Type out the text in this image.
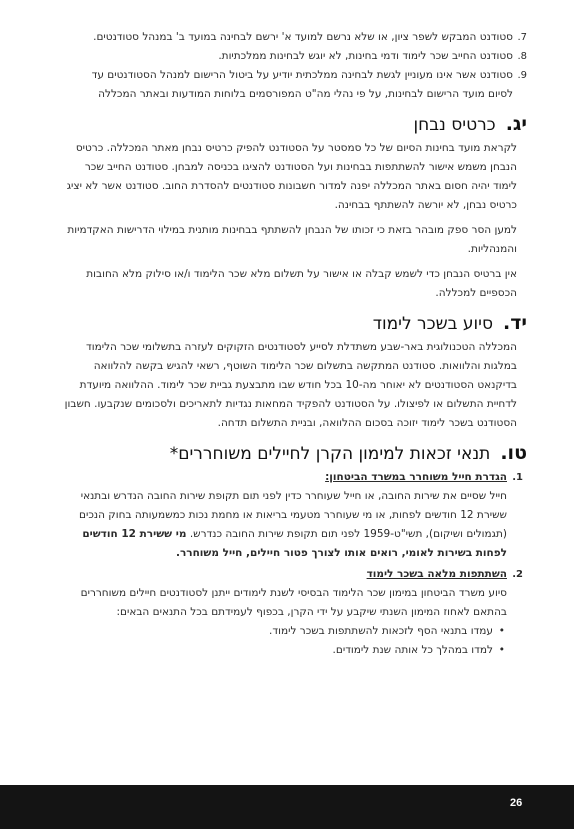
7.
סטודנט המבקש לשפר ציון, או שלא נרשם למועד א' ירשם לבחינה במועד ב' במנהל סטודנטים.
8.
סטודנט החייב שכר לימוד ודמי בחינות, לא יוגש לבחינות ממלכתיות.
9.
סטודנט אשר אינו מעוניין לגשת לבחינה ממלכתית יודיע על ביטול הרישום למנהל הסטודנטים עד לסיום מועד הרישום לבחינות, על פי נהלי מה"ט המפורסמים בלוחות המודעות ובאתר המכללה
יג.
כרטיס נבחן

לקראת מועד בחינות הסיום של כל סמסטר על הסטודנט להפיק כרטיס נבחן מאתר המכללה. כרטיס הנבחן משמש אישור להשתתפות בבחינות ועל הסטודנט להציגו בכניסה למבחן. סטודנט החייב שכר לימוד יהיה חסום באתר המכללה יפנה למדור חשבונות סטודנטים להסדרת החוב. סטודנט אשר לא יציג כרטיס נבחן, לא יורשה להשתתף בבחינה.

למען הסר ספק מובהר בזאת כי זכותו של הנבחן להשתתף בבחינות מותנית במילוי הדרישות האקדמיות והמנהליות.

אין ברטיס הנבחן כדי לשמש קבלה או אישור על תשלום מלא שכר הלימוד ו/או סילוק מלא החובות הכספיים למכללה.

יד.
סיוע בשכר לימוד

המכללה הטכנולוגית באר-שבע משתדלת לסייע לסטודנטים הזקוקים לעזרה בתשלומי שכר הלימוד במלגות והלוואות. סטודנט המתקשה בתשלום שכר הלימוד השוטף, רשאי להגיש בקשה להלוואה בדיקנאט הסטודנטים לא יאוחר מה-10 בכל חודש שבו מתבצעת גביית שכר לימוד. ההלוואה מיועדת לדחיית התשלום או לפיצולו. על הסטודנט להפקיד המחאות נגדיות לתאריכים ולסכומים שנקבעו. חשבון הסטודנט בשכר לימוד יזוכה בסכום ההלוואה, ובניית התשלום תדחה.

טו.
תנאי זכאות למימון הקרן לחיילים משוחררים*
1.
הגדרת חייל משוחרר במשרד הביטחון:
חייל שסיים את שירות החובה, או חייל שעוחרר כדין לפני תום תקופת שירות החובה הנדרש ובתנאי ששירת 12 חודשים לפחות, או מי שעוחרר מטעמי בריאות או מחמת נכות כמשמעותה בחוק הנכים (תגמולים ושיקום), תשי"ט-1959 לפני תום תקופת שירות החובה כנדרש. מי ששירת 12 חודשים לפחות בשירות לאומי, רואים אותו לצורך פטור חיילים, חייל משוחרר.
2.
השתתפות מלאה בשכר לימוד
סיוע משרד הביטחון במימון שכר הלימוד הבסיסי לשנת לימודים ייתנן לסטודנטים חיילים משוחררים בהתאם לאחוז המימון השנתי שיקבע על ידי הקרן, בכפוף לעמידתם בכל התנאים הבאים:
• עמדו בתנאי הסף לזכאות להשתתפות בשכר לימוד.
• למדו במהלך כל אותה שנת לימודים.
26
